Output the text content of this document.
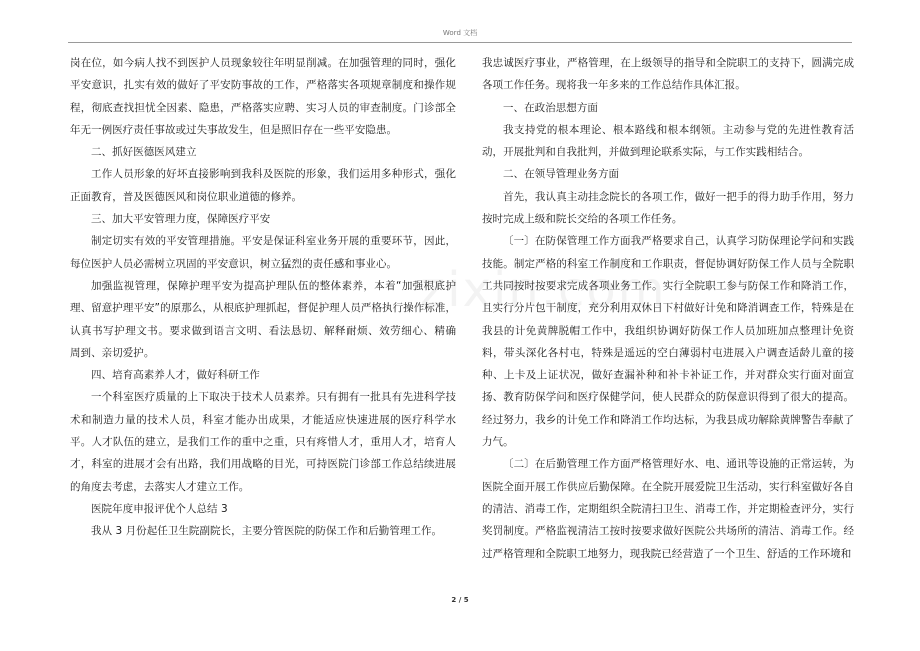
Word 文档

岗在位，如今病人找不到医护人员现象较往年明显削减。在加强管理的同时，强化平安意识，扎实有效的做好了平安防事故的工作，严格落实各项规章制度和操作规程，彻底查找担忧全因素、隐患，严格落实应聘、实习人员的审查制度。门诊部全年无一例医疗责任事故或过失事故发生，但是照旧存在一些平安隐患。

二、抓好医德医风建立

工作人员形象的好坏直接影响到我科及医院的形象，我们运用多种形式，强化正面教育，普及医德医风和岗位职业道德的修养。

三、加大平安管理力度，保障医疗平安

制定切实有效的平安管理措施。平安是保证科室业务开展的重要环节，因此，每位医护人员必需树立巩固的平安意识，树立猛烈的责任感和事业心。

加强监视管理，保障护理平安为提高护理队伍的整体素养，本着“加强根底护理、留意护理平安”的原那么，从根底护理抓起，督促护理人员严格执行操作标准，认真书写护理文书。要求做到语言文明、看法恳切、解释耐烦、效劳细心、精确　　周到、亲切爱护。

四、培育高素养人才，做好科研工作

一个科室医疗质量的上下取决于技术人员素养。只有拥有一批具有先进科学技术和制造力量的技术人员，科室才能办出成果，才能适应快速进展的医疗科学水平。人才队伍的建立，是我们工作的重中之重，只有疼惜人才，重用人才，培育人才，科室的进展才会有出路，我们用战略的目光，可持医院门诊部工作总结续进展的角度去考虑，去落实人才建立工作。

医院年度申报评优个人总结 3

我从 3 月份起任卫生院副院长，主要分管医院的防保工作和后勤管理工作。

我忠诚医疗事业，严格管理，在上级领导的指导和全院职工的支持下，圆满完成各项工作任务。现将我一年多来的工作总结作具体汇报。

一、在政治思想方面

我支持党的根本理论、根本路线和根本纲领。主动参与党的先进性教育活动，开展批判和自我批判，并做到理论联系实际，与工作实践相结合。

二、在领导管理业务方面

首先，我认真主动挂念院长的各项工作，做好一把手的得力助手作用，努力按时完成上级和院长交给的各项工作任务。

〔一〕在防保管理工作方面我严格要求自己，认真学习防保理论学问和实践技能。制定严格的科室工作制度和工作职责，督促协调好防保工作人员与全院职工共同按时按要求完成各项业务工作。实行全院职工参与防保工作和降消工作，且实行分片包干制度，充分利用双休日下村做好计免和降消调查工作，特殊是在我县的计免黄牌脱帽工作中，我组织协调好防保工作人员加班加点整理计免资料，带头深化各村屯，特殊是遥远的空白薄弱村屯进展入户调查适龄儿童的接种、上卡及上证状况，做好查漏补种和补卡补证工作，并对群众实行面对面宣扬、教育防保学问和医疗保健学问，使人民群众的防保意识得到了很大的提高。经过努力，我乡的计免工作和降消工作均达标，为我县成功解除黄牌警告奉献了力气。

〔二〕在后勤管理工作方面严格管理好水、电、通讯等设施的正常运转，为医院全面开展工作供应后勤保障。在全院开展爱院卫生活动，实行科室做好各自的清洁、消毒工作，定期组织全院清扫卫生、消毒工作，并定期检查评分，实行奖罚制度。严格监视清洁工按时按要求做好医院公共场所的清洁、消毒工作。经过严格管理和全院职工地努力，现我院已经营造了一个卫生、舒适的工作环境和

2 / 5
